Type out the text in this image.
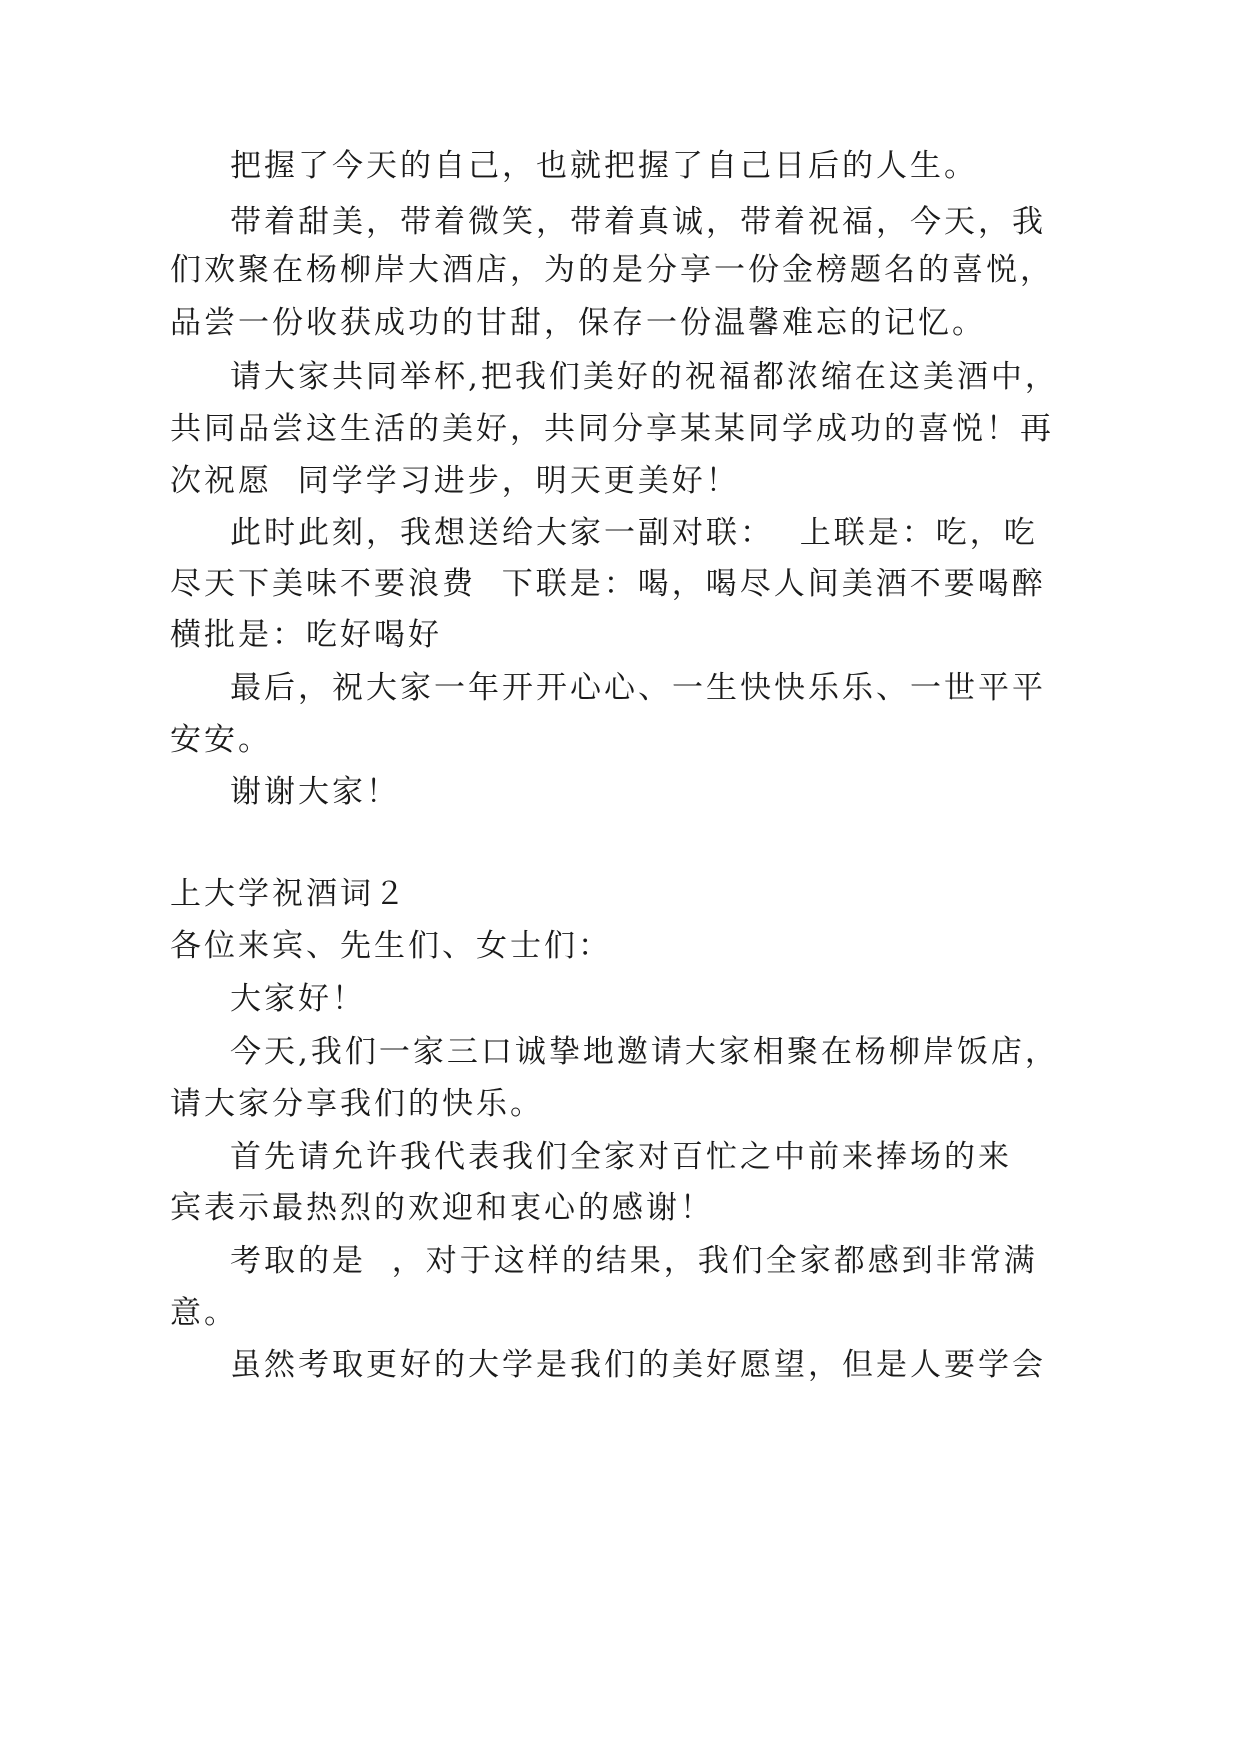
把握了今天的自己，也就把握了自己日后的人生。
带着甜美，带着微笑，带着真诚，带着祝福，今天，我
们欢聚在杨柳岸大酒店，为的是分享一份金榜题名的喜悦，
品尝一份收获成功的甘甜，保存一份温馨难忘的记忆。
请大家共同举杯,把我们美好的祝福都浓缩在这美酒中，
共同品尝这生活的美好，共同分享某某同学成功的喜悦！再
次祝愿  同学学习进步，明天更美好！
此时此刻，我想送给大家一副对联：  上联是：吃，吃
尽天下美味不要浪费  下联是：喝，喝尽人间美酒不要喝醉
横批是：吃好喝好
最后，祝大家一年开开心心、一生快快乐乐、一世平平
安安。
谢谢大家！
上大学祝酒词２
各位来宾、先生们、女士们：
大家好！
今天,我们一家三口诚挚地邀请大家相聚在杨柳岸饭店，
请大家分享我们的快乐。
首先请允许我代表我们全家对百忙之中前来捧场的来
宾表示最热烈的欢迎和衷心的感谢！
考取的是  ，对于这样的结果，我们全家都感到非常满
意。
虽然考取更好的大学是我们的美好愿望，但是人要学会
